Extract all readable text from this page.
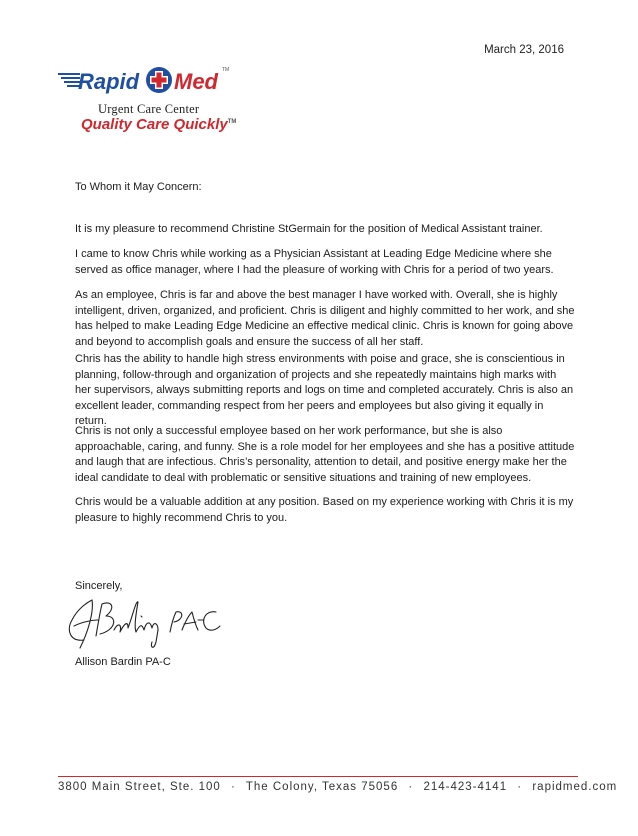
March 23, 2016
Rapid Med TM
Urgent Care Center
Quality Care Quickly™
To Whom it May Concern:
It is my pleasure to recommend Christine StGermain for the position of Medical Assistant trainer.
I came to know Chris while working as a Physician Assistant at Leading Edge Medicine where she served as office manager, where I had the pleasure of working with Chris for a period of two years.
As an employee, Chris is far and above the best manager I have worked with. Overall, she is highly intelligent, driven, organized, and proficient. Chris is diligent and highly committed to her work, and she has helped to make Leading Edge Medicine an effective medical clinic. Chris is known for going above and beyond to accomplish goals and ensure the success of all her staff.
Chris has the ability to handle high stress environments with poise and grace, she is conscientious in planning, follow-through and organization of projects and she repeatedly maintains high marks with her supervisors, always submitting reports and logs on time and completed accurately. Chris is also an excellent leader, commanding respect from her peers and employees but also giving it equally in return.
Chris is not only a successful employee based on her work performance, but she is also approachable, caring, and funny. She is a role model for her employees and she has a positive attitude and laugh that are infectious. Chris’s personality, attention to detail, and positive energy make her the ideal candidate to deal with problematic or sensitive situations and training of new employees.
Chris would be a valuable addition at any position. Based on my experience working with Chris it is my pleasure to highly recommend Chris to you.
Sincerely,
Allison Bardin PA-C
3800 Main Street, Ste. 100 · The Colony, Texas 75056 · 214-423-4141 · rapidmed.com
